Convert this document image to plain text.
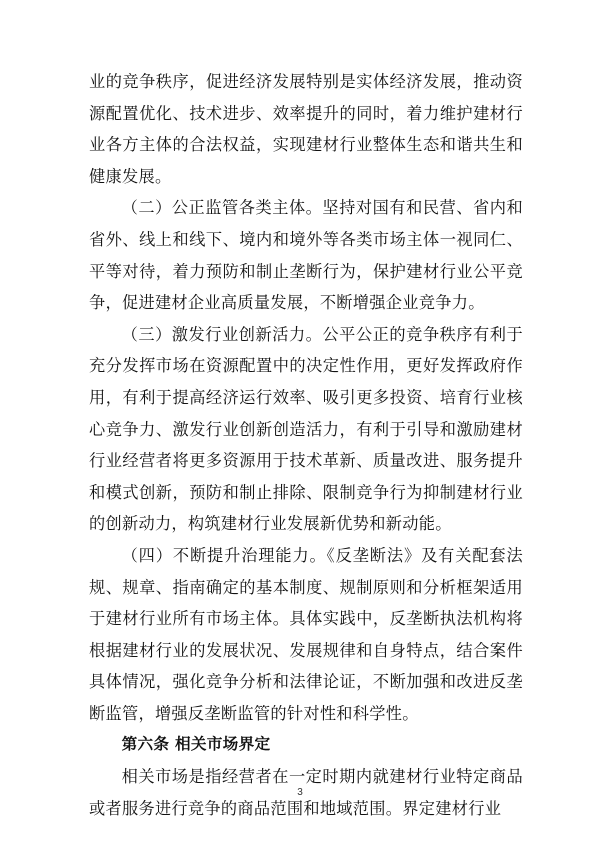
业的竞争秩序，促进经济发展特别是实体经济发展，推动资源配置优化、技术进步、效率提升的同时，着力维护建材行业各方主体的合法权益，实现建材行业整体生态和谐共生和健康发展。

（二）公正监管各类主体。坚持对国有和民营、省内和省外、线上和线下、境内和境外等各类市场主体一视同仁、平等对待，着力预防和制止垄断行为，保护建材行业公平竞争，促进建材企业高质量发展，不断增强企业竞争力。

（三）激发行业创新活力。公平公正的竞争秩序有利于充分发挥市场在资源配置中的决定性作用，更好发挥政府作用，有利于提高经济运行效率、吸引更多投资、培育行业核心竞争力、激发行业创新创造活力，有利于引导和激励建材行业经营者将更多资源用于技术革新、质量改进、服务提升和模式创新，预防和制止排除、限制竞争行为抑制建材行业的创新动力，构筑建材行业发展新优势和新动能。

（四）不断提升治理能力。《反垄断法》及有关配套法规、规章、指南确定的基本制度、规制原则和分析框架适用于建材行业所有市场主体。具体实践中，反垄断执法机构将根据建材行业的发展状况、发展规律和自身特点，结合案件具体情况，强化竞争分析和法律论证，不断加强和改进反垄断监管，增强反垄断监管的针对性和科学性。

第六条 相关市场界定

相关市场是指经营者在一定时期内就建材行业特定商品或者服务进行竞争的商品范围和地域范围。界定建材行业

3
